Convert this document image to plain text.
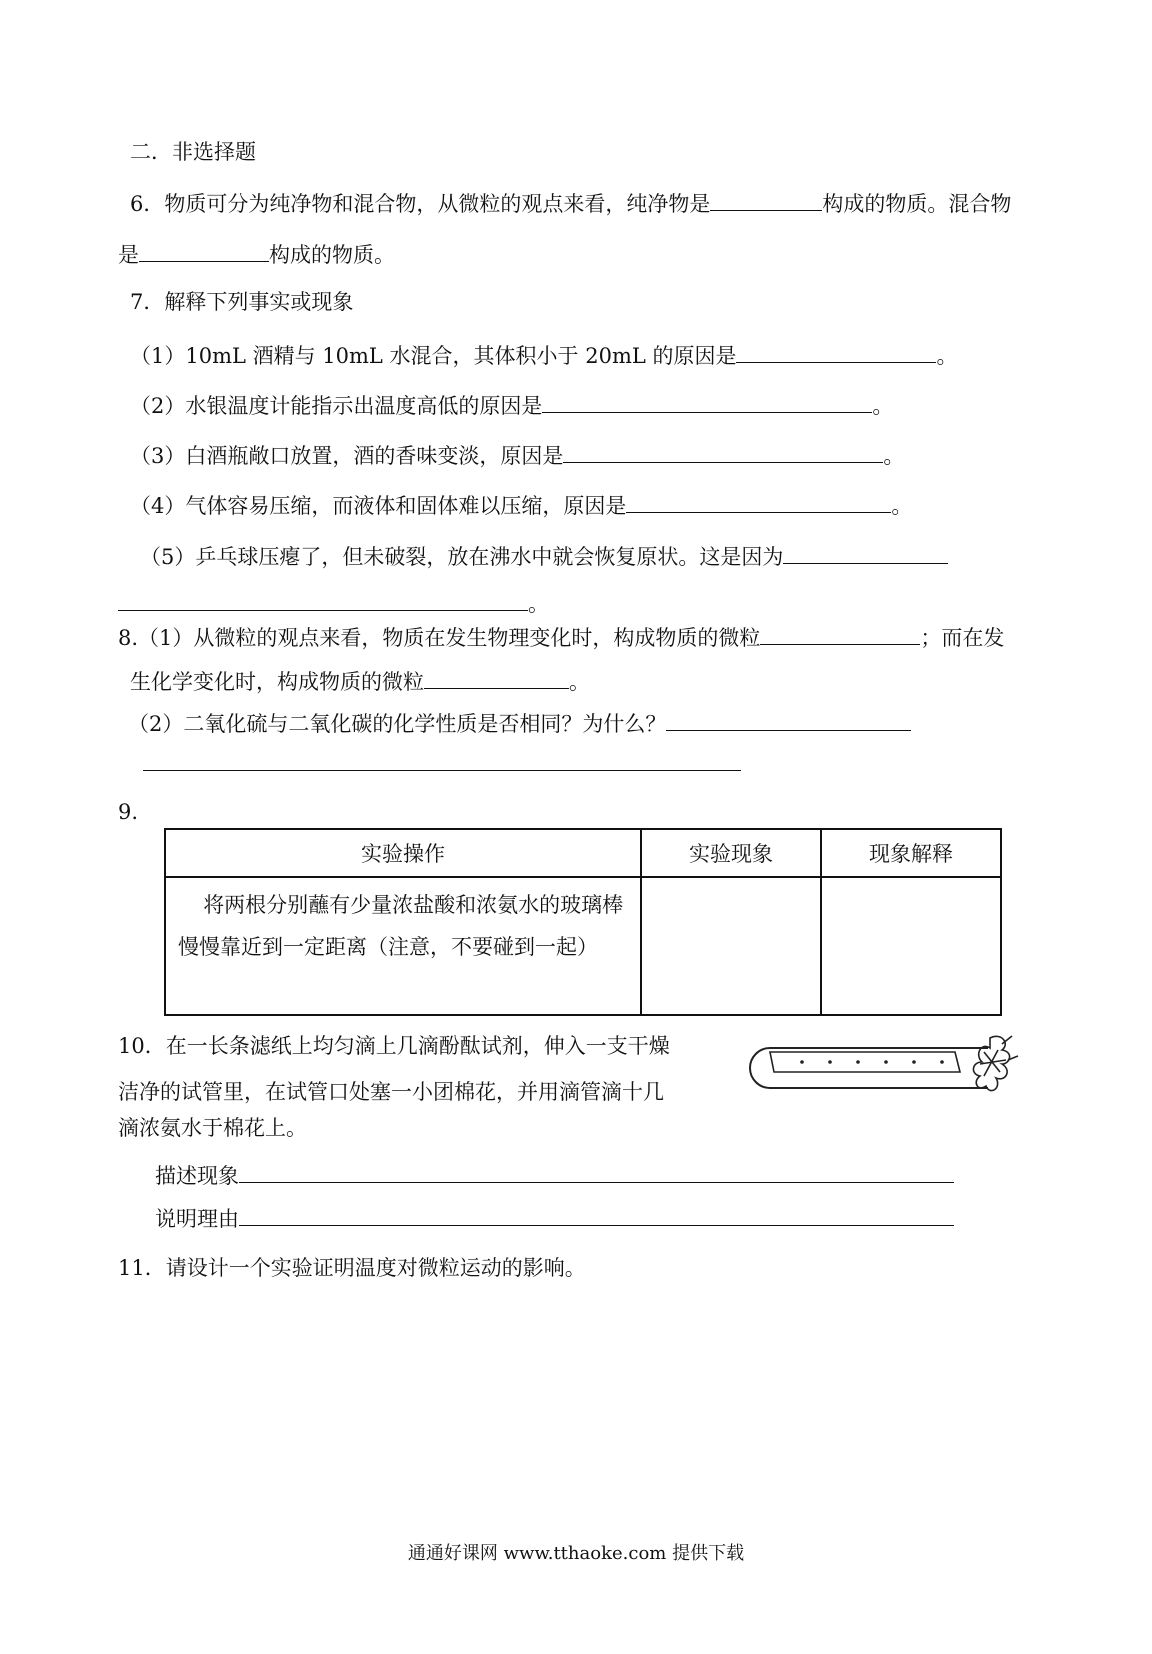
二．非选择题
6．物质可分为纯净物和混合物，从微粒的观点来看，纯净物是	构成的物质。混合物
是	构成的物质。
7．解释下列事实或现象
（1）10mL 酒精与 10mL 水混合，其体积小于 20mL 的原因是	。
（2）水银温度计能指示出温度高低的原因是	。
（3）白酒瓶敞口放置，酒的香味变淡，原因是	。
（4）气体容易压缩，而液体和固体难以压缩，原因是	。
（5）乒乓球压瘪了，但未破裂，放在沸水中就会恢复原状。这是因为
。
8.（1）从微粒的观点来看，物质在发生物理变化时，构成物质的微粒	；而在发
生化学变化时，构成物质的微粒	。
（2）二氧化硫与二氧化碳的化学性质是否相同？为什么？
9.
实验操作	实验现象	现象解释
将两根分别蘸有少量浓盐酸和浓氨水的玻璃棒慢慢靠近到一定距离（注意，不要碰到一起）		
10．在一长条滤纸上均匀滴上几滴酚酞试剂，伸入一支干燥
洁净的试管里，在试管口处塞一小团棉花，并用滴管滴十几
滴浓氨水于棉花上。
描述现象
说明理由
11．请设计一个实验证明温度对微粒运动的影响。
通通好课网 www.tthaoke.com 提供下载
